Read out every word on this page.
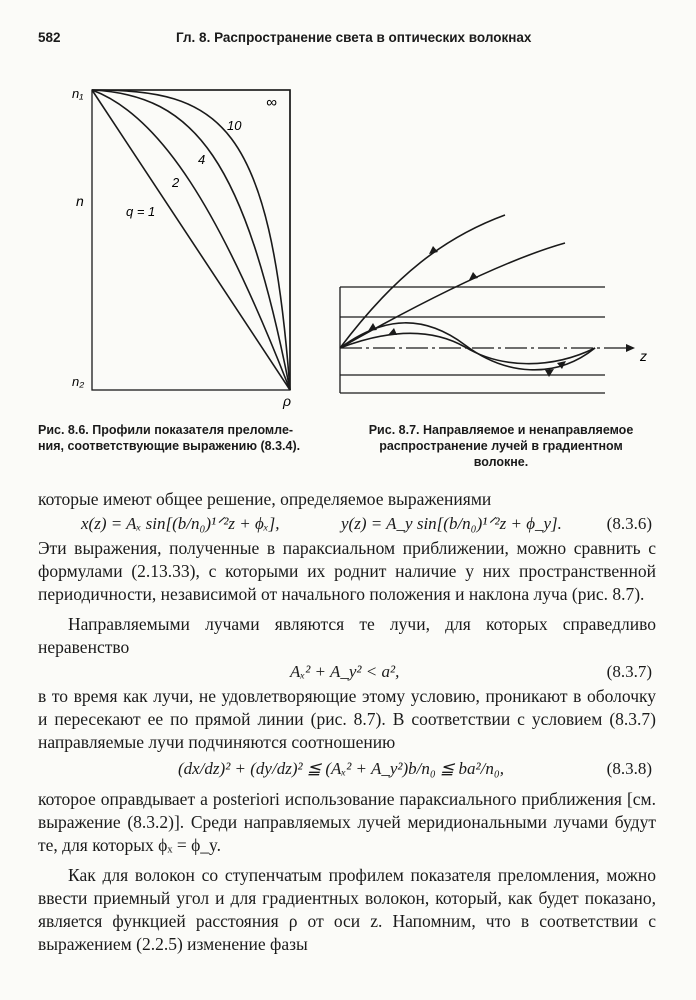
582	Гл. 8. Распространение света в оптических волокнах
n₁
n
n₂
ρ
q = 1
2
4
10
∞
z
Рис. 8.6. Профили показателя преломле-
ния, соответствующие выражению (8.3.4).
Рис. 8.7. Направляемое и ненаправляемое
распространение лучей в градиентном
волокне.

которые имеют общее решение, определяемое выражениями

x(z) = Aₓ sin[(b/n₀)¹ᐟ²z + ϕₓ],	y(z) = A_y sin[(b/n₀)¹ᐟ²z + ϕ_y].	(8.3.6)

Эти выражения, полученные в параксиальном приближении, можно сравнить с формулами (2.13.33), с которыми их роднит наличие у них пространственной периодичности, независимой от начального положения и наклона луча (рис. 8.7).

Направляемыми лучами являются те лучи, для которых справедливо неравенство

Aₓ² + A_y² < a²,	(8.3.7)

в то время как лучи, не удовлетворяющие этому условию, проникают в оболочку и пересекают ее по прямой линии (рис. 8.7). В соответствии с условием (8.3.7) направляемые лучи подчиняются соотношению

(dx/dz)² + (dy/dz)² ≦ (Aₓ² + A_y²)b/n₀ ≦ ba²/n₀,	(8.3.8)

которое оправдывает a posteriori использование параксиального приближения [см. выражение (8.3.2)]. Среди направляемых лучей меридиональными лучами будут те, для которых ϕₓ = ϕ_y.

Как для волокон со ступенчатым профилем показателя преломления, можно ввести приемный угол и для градиентных волокон, который, как будет показано, является функцией расстояния ρ от оси z. Напомним, что в соответствии с выражением (2.2.5) изменение фазы
